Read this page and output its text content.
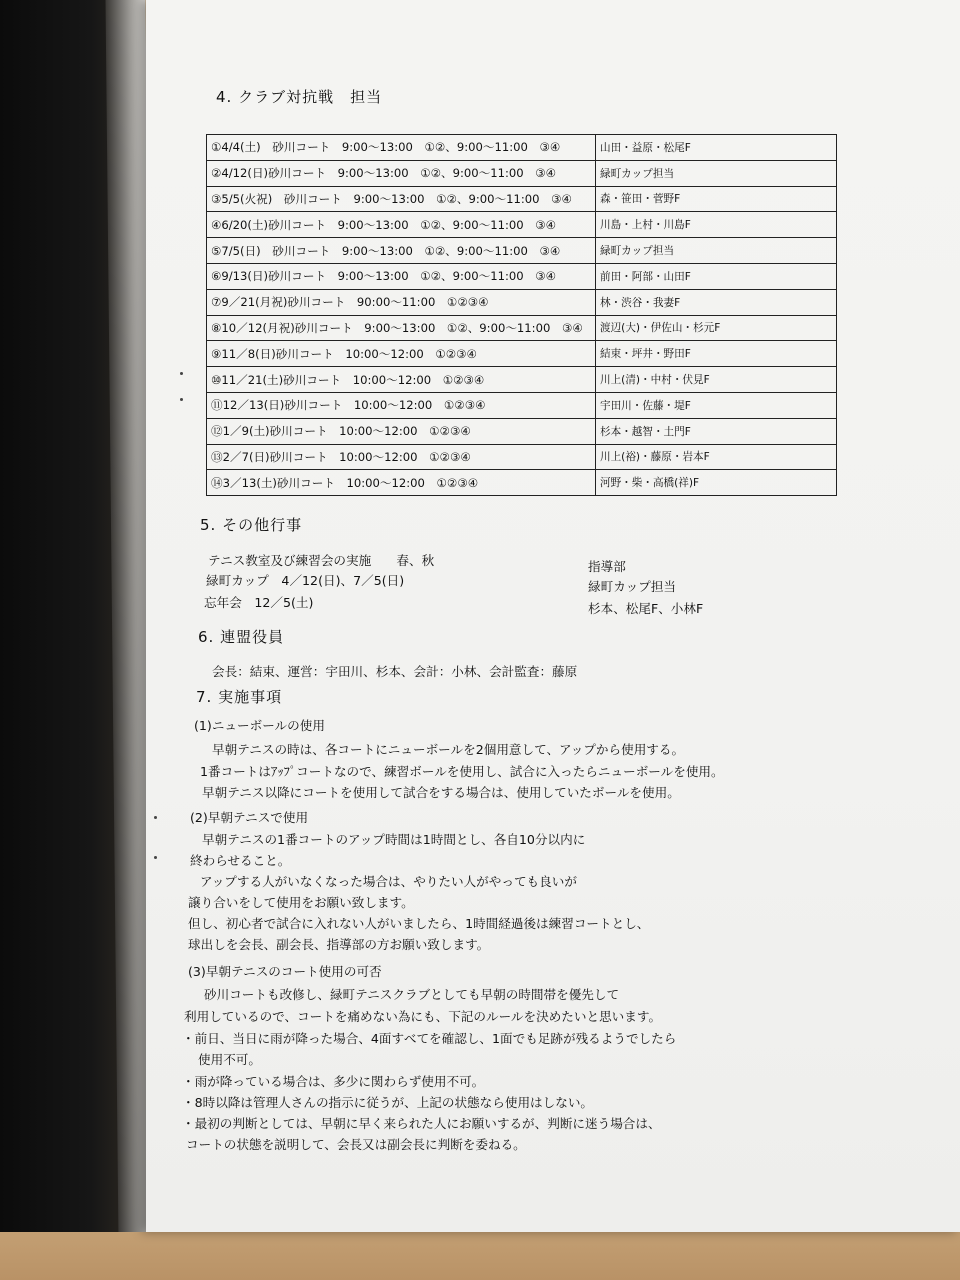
4. クラブ対抗戦　担当
①4/4(土)　砂川コート　9:00～13:00　①②、9:00～11:00　③④	山田・益原・松尾F
②4/12(日)砂川コート　9:00～13:00　①②、9:00～11:00　③④	緑町カップ担当
③5/5(火祝)　砂川コート　9:00～13:00　①②、9:00～11:00　③④	森・笹田・菅野F
④6/20(土)砂川コート　9:00～13:00　①②、9:00～11:00　③④	川島・上村・川島F
⑤7/5(日)　砂川コート　9:00～13:00　①②、9:00～11:00　③④	緑町カップ担当
⑥9/13(日)砂川コート　9:00～13:00　①②、9:00～11:00　③④	前田・阿部・山田F
⑦9／21(月祝)砂川コート　90:00～11:00　①②③④	林・渋谷・我妻F
⑧10／12(月祝)砂川コート　9:00～13:00　①②、9:00～11:00　③④	渡辺(大)・伊佐山・杉元F
⑨11／8(日)砂川コート　10:00～12:00　①②③④	結束・坪井・野田F
⑩11／21(土)砂川コート　10:00～12:00　①②③④	川上(清)・中村・伏見F
⑪12／13(日)砂川コート　10:00～12:00　①②③④	宇田川・佐藤・堤F
⑫1／9(土)砂川コート　10:00～12:00　①②③④	杉本・越智・土門F
⑬2／7(日)砂川コート　10:00～12:00　①②③④	川上(裕)・藤原・岩本F
⑭3／13(土)砂川コート　10:00～12:00　①②③④	河野・柴・高橋(祥)F
5. その他行事
テニス教室及び練習会の実施　　春、秋	指導部
緑町カップ　4／12(日)、7／5(日)	緑町カップ担当
忘年会　12／5(土)	杉本、松尾F、小林F
6. 連盟役員
会長：結束、運営：宇田川、杉本、会計：小林、会計監査：藤原
7. 実施事項
(1)ニューボールの使用
早朝テニスの時は、各コートにニューボールを2個用意して、アップから使用する。
1番コートはｱｯﾌﾟコートなので、練習ボールを使用し、試合に入ったらニューボールを使用。
早朝テニス以降にコートを使用して試合をする場合は、使用していたボールを使用。
(2)早朝テニスで使用
早朝テニスの1番コートのアップ時間は1時間とし、各自10分以内に
終わらせること。
アップする人がいなくなった場合は、やりたい人がやっても良いが
譲り合いをして使用をお願い致します。
但し、初心者で試合に入れない人がいましたら、1時間経過後は練習コートとし、
球出しを会長、副会長、指導部の方お願い致します。
(3)早朝テニスのコート使用の可否
砂川コートも改修し、緑町テニスクラブとしても早朝の時間帯を優先して
利用しているので、コートを痛めない為にも、下記のルールを決めたいと思います。
・前日、当日に雨が降った場合、4面すべてを確認し、1面でも足跡が残るようでしたら
使用不可。
・雨が降っている場合は、多少に関わらず使用不可。
・8時以降は管理人さんの指示に従うが、上記の状態なら使用はしない。
・最初の判断としては、早朝に早く来られた人にお願いするが、判断に迷う場合は、
コートの状態を説明して、会長又は副会長に判断を委ねる。
